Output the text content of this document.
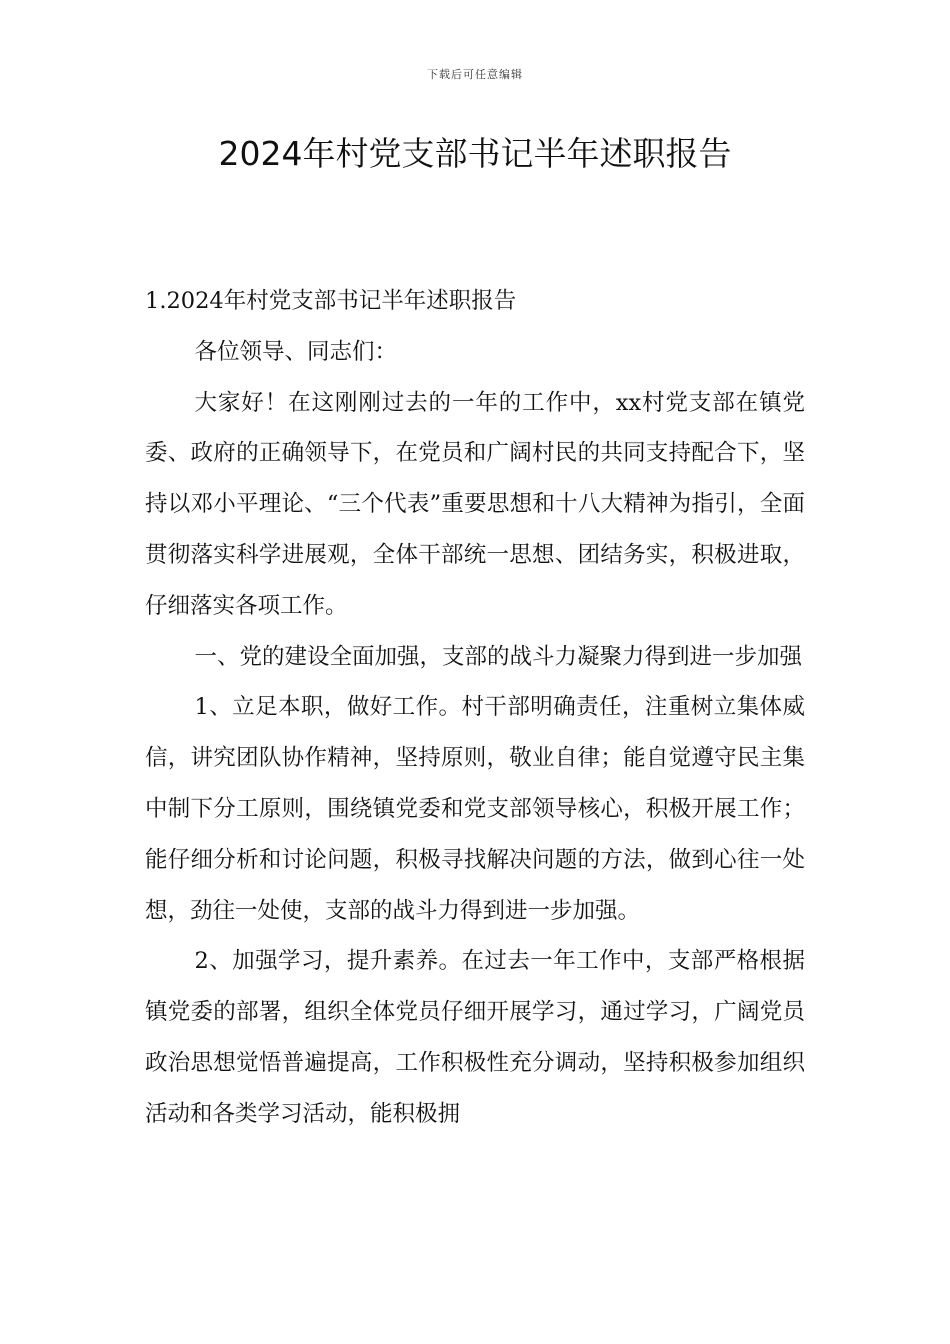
下载后可任意编辑
2024年村党支部书记半年述职报告

1.2024年村党支部书记半年述职报告

各位领导、同志们：

大家好！在这刚刚过去的一年的工作中，xx村党支部在镇党委、政府的正确领导下，在党员和广阔村民的共同支持配合下，坚持以邓小平理论、“三个代表”重要思想和十八大精神为指引，全面贯彻落实科学进展观，全体干部统一思想、团结务实，积极进取，仔细落实各项工作。

一、党的建设全面加强，支部的战斗力凝聚力得到进一步加强

1、立足本职，做好工作。村干部明确责任，注重树立集体威信，讲究团队协作精神，坚持原则，敬业自律；能自觉遵守民主集中制下分工原则，围绕镇党委和党支部领导核心，积极开展工作；能仔细分析和讨论问题，积极寻找解决问题的方法，做到心往一处想，劲往一处使，支部的战斗力得到进一步加强。

2、加强学习，提升素养。在过去一年工作中，支部严格根据镇党委的部署，组织全体党员仔细开展学习，通过学习，广阔党员政治思想觉悟普遍提高，工作积极性充分调动，坚持积极参加组织活动和各类学习活动，能积极拥
